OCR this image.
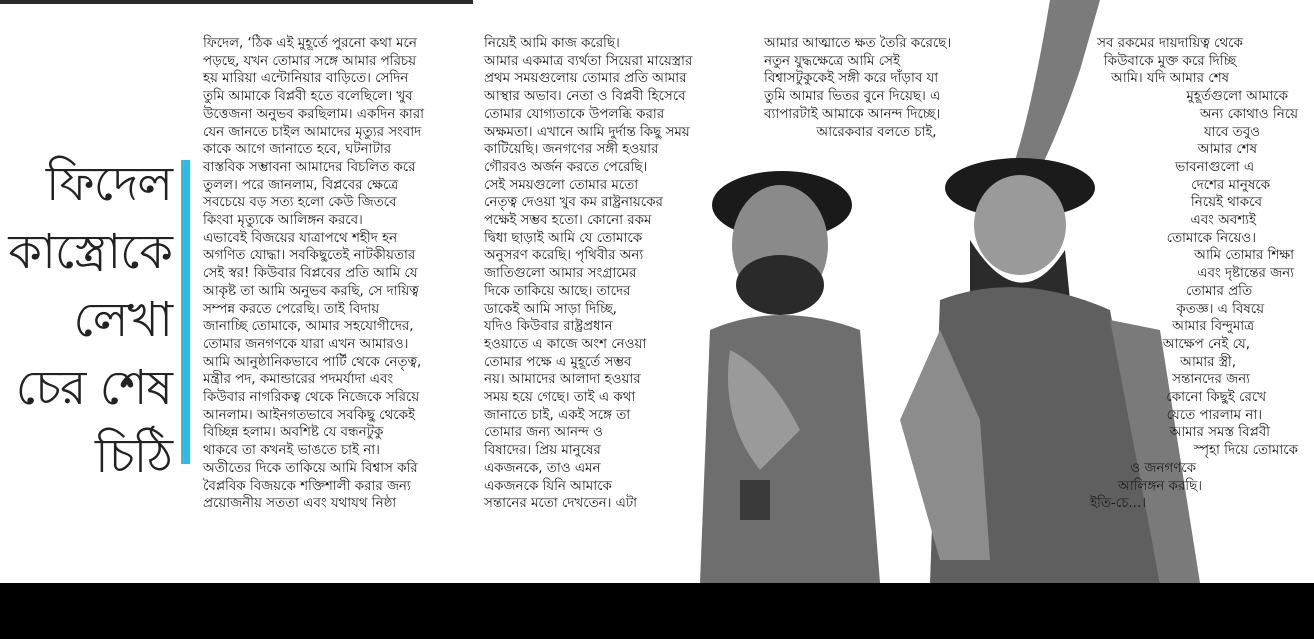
ফিদেল
কাস্ত্রোকে
লেখা
চের শেষ
চিঠি

ফিদেল, ‘ঠিক এই মুহূর্তে পুরনো কথা মনে

পড়ছে, যখন তোমার সঙ্গে আমার পরিচয়

হয় মারিয়া এন্টোনিয়ার বাড়িতে। সেদিন

তুমি আমাকে বিপ্লবী হতে বলেছিলে। খুব

উত্তেজনা অনুভব করছিলাম। একদিন কারা

যেন জানতে চাইল আমাদের মৃত্যুর সংবাদ

কাকে আগে জানাতে হবে, ঘটনাটার

বাস্তবিক সম্ভাবনা আমাদের বিচলিত করে

তুলল। পরে জানলাম, বিপ্লবের ক্ষেত্রে

সবচেয়ে বড় সত্য হলো কেউ জিতবে

কিংবা মৃত্যুকে আলিঙ্গন করবে।

এভাবেই বিজয়ের যাত্রাপথে শহীদ হন

অগণিত যোদ্ধা। সবকিছুতেই নাটকীয়তার

সেই স্বর! কিউবার বিপ্লবের প্রতি আমি যে

আকৃষ্ট তা আমি অনুভব করছি, সে দায়িত্ব

সম্পন্ন করতে পেরেছি। তাই বিদায়

জানাচ্ছি তোমাকে, আমার সহযোগীদের,

তোমার জনগণকে যারা এখন আমারও।

আমি আনুষ্ঠানিকভাবে পার্টি থেকে নেতৃত্ব,

মন্ত্রীর পদ, কমান্ডারের পদমর্যাদা এবং

কিউবার নাগরিকত্ব থেকে নিজেকে সরিয়ে

আনলাম। আইনগতভাবে সবকিছু থেকেই

বিচ্ছিন্ন হলাম। অবশিষ্ট যে বন্ধনটুকু

থাকবে তা কখনই ভাঙতে চাই না।

অতীতের দিকে তাকিয়ে আমি বিশ্বাস করি

বৈপ্লবিক বিজয়কে শক্তিশালী করার জন্য

প্রয়োজনীয় সততা এবং যথাযথ নিষ্ঠা

নিয়েই আমি কাজ করেছি।

আমার একমাত্র ব্যর্থতা সিয়েরা মায়েস্ত্রার

প্রথম সময়গুলোয় তোমার প্রতি আমার

আস্থার অভাব। নেতা ও বিপ্লবী হিসেবে

তোমার যোগ্যতাকে উপলব্ধি করার

অক্ষমতা। এখানে আমি দুর্দান্ত কিছু সময়

কাটিয়েছি। জনগণের সঙ্গী হওয়ার

গৌরবও অর্জন করতে পেরেছি।

সেই সময়গুলো তোমার মতো

নেতৃত্ব দেওয়া খুব কম রাষ্ট্রনায়কের

পক্ষেই সম্ভব হতো। কোনো রকম

দ্বিধা ছাড়াই আমি যে তোমাকে

অনুসরণ করেছি। পৃথিবীর অন্য

জাতিগুলো আমার সংগ্রামের

দিকে তাকিয়ে আছে। তাদের

ডাকেই আমি সাড়া দিচ্ছি,

যদিও কিউবার রাষ্ট্রপ্রধান

হওয়াতে এ কাজে অংশ নেওয়া

তোমার পক্ষে এ মুহূর্তে সম্ভব

নয়। আমাদের আলাদা হওয়ার

সময় হয়ে গেছে। তাই এ কথা

জানাতে চাই, একই সঙ্গে তা

তোমার জন্য আনন্দ ও

বিষাদের। প্রিয় মানুষের

একজনকে, তাও এমন

একজনকে যিনি আমাকে

সন্তানের মতো দেখতেন। এটা

আমার আত্মাতে ক্ষত তৈরি করেছে।

নতুন যুদ্ধক্ষেত্রে আমি সেই

বিশ্বাসটুকুকেই সঙ্গী করে দাঁড়াব যা

তুমি আমার ভিতর বুনে দিয়েছ। এ

ব্যাপারটাই আমাকে আনন্দ দিচ্ছে।

আরেকবার বলতে চাই,

সব রকমের দায়দায়িত্ব থেকে

কিউবাকে মুক্ত করে দিচ্ছি

আমি। যদি আমার শেষ

মুহূর্তগুলো আমাকে

অন্য কোথাও নিয়ে

যাবে তবুও

আমার শেষ

ভাবনাগুলো এ

দেশের মানুষকে

নিয়েই থাকবে

এবং অবশ্যই

তোমাকে নিয়েও।

আমি তোমার শিক্ষা

এবং দৃষ্টান্তের জন্য

তোমার প্রতি

কৃতজ্ঞ। এ বিষয়ে

আমার বিন্দুমাত্র

আক্ষেপ নেই যে,

আমার স্ত্রী,

সন্তানদের জন্য

কোনো কিছুই রেখে

যেতে পারলাম না।

আমার সমস্ত বিপ্লবী

স্পৃহা দিয়ে তোমাকে

ও জনগণকে

আলিঙ্গন করছি।

ইতি-চে...।
